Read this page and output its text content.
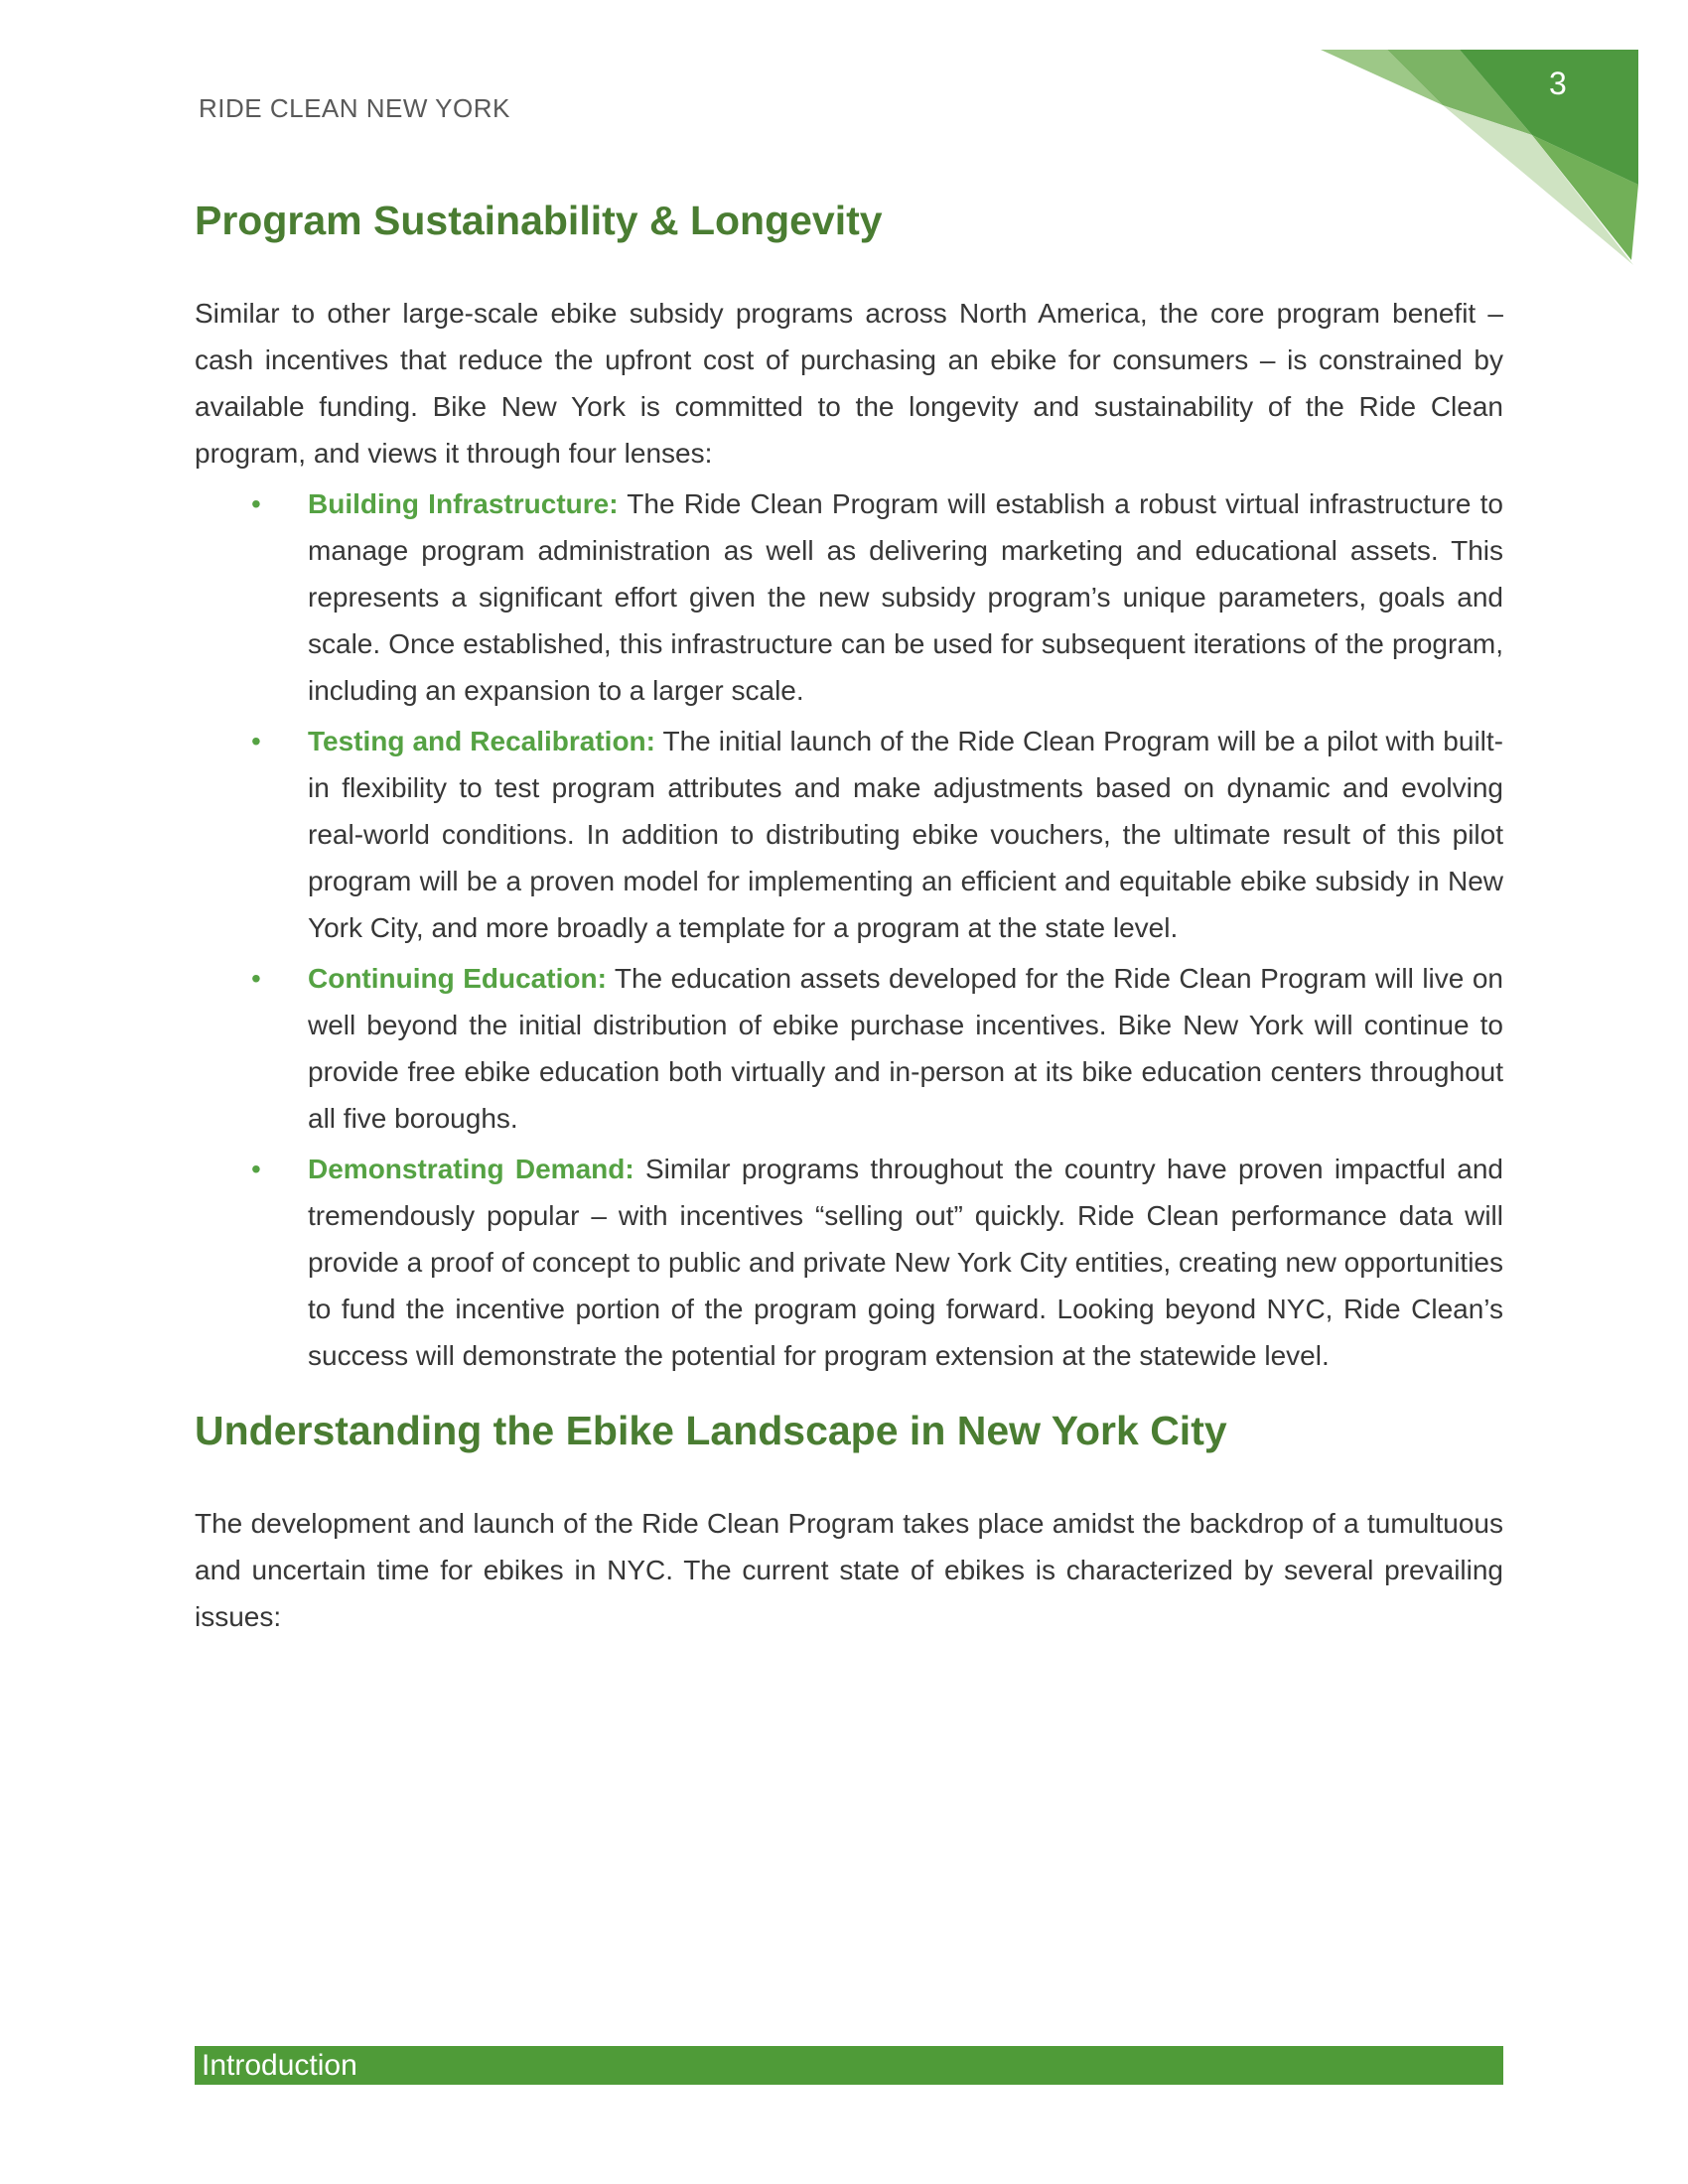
RIDE CLEAN NEW YORK
3
Program Sustainability & Longevity

Similar to other large-scale ebike subsidy programs across North America, the core program benefit – cash incentives that reduce the upfront cost of purchasing an ebike for consumers – is constrained by available funding. Bike New York is committed to the longevity and sustainability of the Ride Clean program, and views it through four lenses:

• Building Infrastructure: The Ride Clean Program will establish a robust virtual infrastructure to manage program administration as well as delivering marketing and educational assets. This represents a significant effort given the new subsidy program’s unique parameters, goals and scale. Once established, this infrastructure can be used for subsequent iterations of the program, including an expansion to a larger scale.
• Testing and Recalibration: The initial launch of the Ride Clean Program will be a pilot with built-in flexibility to test program attributes and make adjustments based on dynamic and evolving real-world conditions. In addition to distributing ebike vouchers, the ultimate result of this pilot program will be a proven model for implementing an efficient and equitable ebike subsidy in New York City, and more broadly a template for a program at the state level.
• Continuing Education: The education assets developed for the Ride Clean Program will live on well beyond the initial distribution of ebike purchase incentives. Bike New York will continue to provide free ebike education both virtually and in-person at its bike education centers throughout all five boroughs.
• Demonstrating Demand: Similar programs throughout the country have proven impactful and tremendously popular – with incentives “selling out” quickly. Ride Clean performance data will provide a proof of concept to public and private New York City entities, creating new opportunities to fund the incentive portion of the program going forward. Looking beyond NYC, Ride Clean’s success will demonstrate the potential for program extension at the statewide level.
Understanding the Ebike Landscape in New York City

The development and launch of the Ride Clean Program takes place amidst the backdrop of a tumultuous and uncertain time for ebikes in NYC. The current state of ebikes is characterized by several prevailing issues:

Introduction
